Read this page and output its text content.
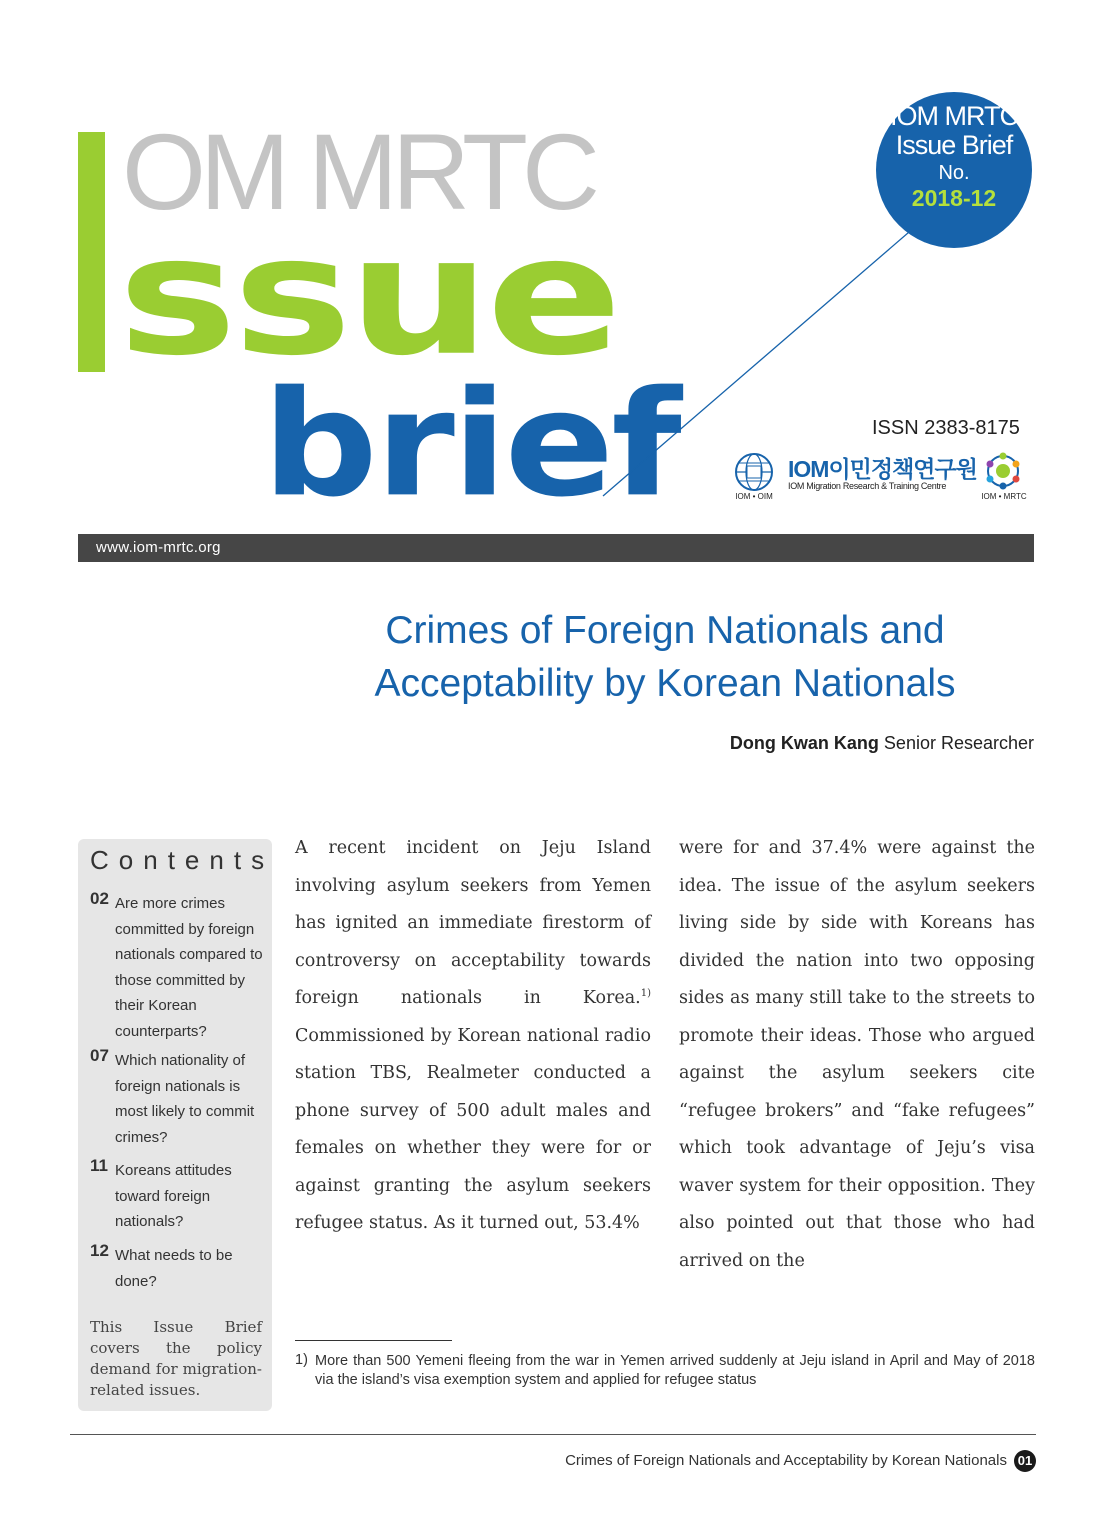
OM MRTC
ssue
brief
IOM MRTC
Issue Brief
No.
2018-12
ISSN 2383-8175
IOM • OIM
IOM이민정책연구원
IOM Migration Research & Training Centre
IOM • MRTC
www.iom-mrtc.org
Crimes of Foreign Nationals and
Acceptability by Korean Nationals
Dong Kwan Kang Senior Researcher
Contents
02 Are more crimes committed by foreign nationals compared to those committed by their Korean counterparts?
07 Which nationality of foreign nationals is most likely to commit crimes?
11 Koreans attitudes toward foreign nationals?
12 What needs to be done?
This Issue Brief covers the policy demand for migration-related issues.
A recent incident on Jeju Island involving asylum seekers from Yemen has ignited an immediate firestorm of controversy on acceptability towards foreign nationals in Korea.$^{1)}$ Commissioned by Korean national radio station TBS, Realmeter conducted a phone survey of 500 adult males and females on whether they were for or against granting the asylum seekers refugee status. As it turned out, 53.4%
were for and 37.4% were against the idea. The issue of the asylum seekers living side by side with Koreans has divided the nation into two opposing sides as many still take to the streets to promote their ideas. Those who argued against the asylum seekers cite “refugee brokers” and “fake refugees” which took advantage of Jeju’s visa waver system for their opposition. They also pointed out that those who had arrived on the
1) More than 500 Yemeni fleeing from the war in Yemen arrived suddenly at Jeju island in April and May of 2018 via the island’s visa exemption system and applied for refugee status
Crimes of Foreign Nationals and Acceptability by Korean Nationals 01
